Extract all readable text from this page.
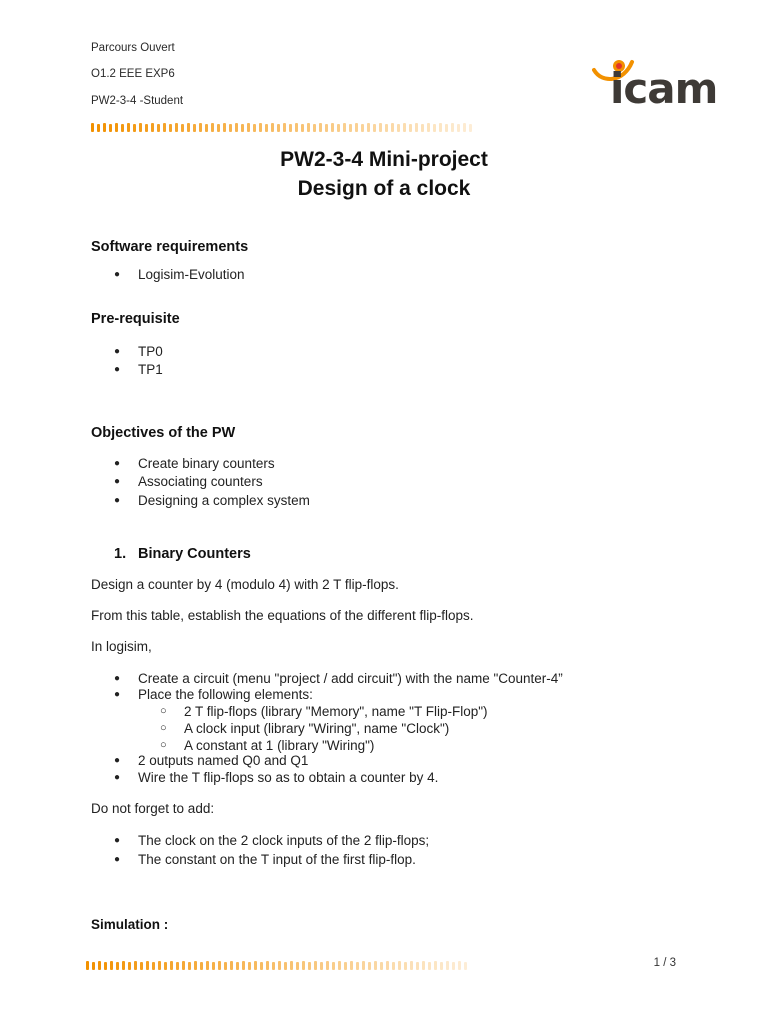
Parcours Ouvert
O1.2 EEE EXP6
PW2-3-4 -Student	icam
PW2-3-4 Mini-project
Design of a clock
Software requirements
● Logisim-Evolution
Pre-requisite
● TP0
● TP1
Objectives of the PW
● Create binary counters
● Associating counters
● Designing a complex system
1. Binary Counters
Design a counter by 4 (modulo 4) with 2 T flip-flops.
From this table, establish the equations of the different flip-flops.
In logisim,
● Create a circuit (menu "project / add circuit") with the name "Counter-4”
● Place the following elements:
○ 2 T flip-flops (library "Memory", name "T Flip-Flop")
○ A clock input (library "Wiring", name "Clock")
○ A constant at 1 (library "Wiring")
● 2 outputs named Q0 and Q1
● Wire the T flip-flops so as to obtain a counter by 4.
Do not forget to add:
● The clock on the 2 clock inputs of the 2 flip-flops;
● The constant on the T input of the first flip-flop.
Simulation :
1 / 3
